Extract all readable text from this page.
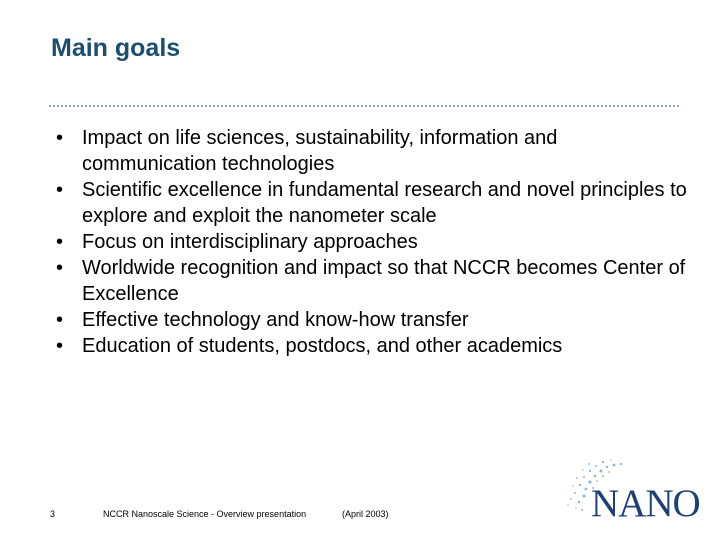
Main goals
• Impact on life sciences, sustainability, information and communication technologies
• Scientific excellence in fundamental research and novel principles to explore and exploit the nanometer scale
• Focus on interdisciplinary approaches
• Worldwide recognition and impact so that NCCR becomes Center of Excellence
• Effective technology and know-how transfer
• Education of students, postdocs, and other academics
3	NCCR Nanoscale Science - Overview presentation	(April 2003)	NANO
